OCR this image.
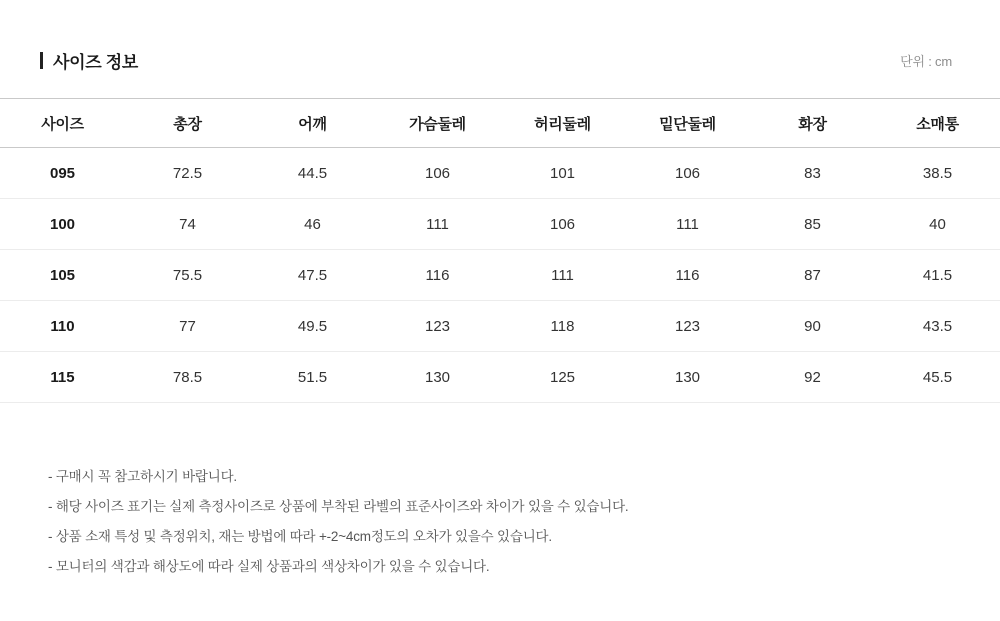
사이즈 정보	단위 : cm
사이즈	총장	어깨	가슴둘레	허리둘레	밑단둘레	화장	소매통
095	72.5	44.5	106	101	106	83	38.5
100	74	46	111	106	111	85	40
105	75.5	47.5	116	111	116	87	41.5
110	77	49.5	123	118	123	90	43.5
115	78.5	51.5	130	125	130	92	45.5
- 구매시 꼭 참고하시기 바랍니다.
- 해당 사이즈 표기는 실제 측정사이즈로 상품에 부착된 라벨의 표준사이즈와 차이가 있을 수 있습니다.
- 상품 소재 특성 및 측정위치, 재는 방법에 따라 +-2~4cm정도의 오차가 있을수 있습니다.
- 모니터의 색감과 해상도에 따라 실제 상품과의 색상차이가 있을 수 있습니다.
